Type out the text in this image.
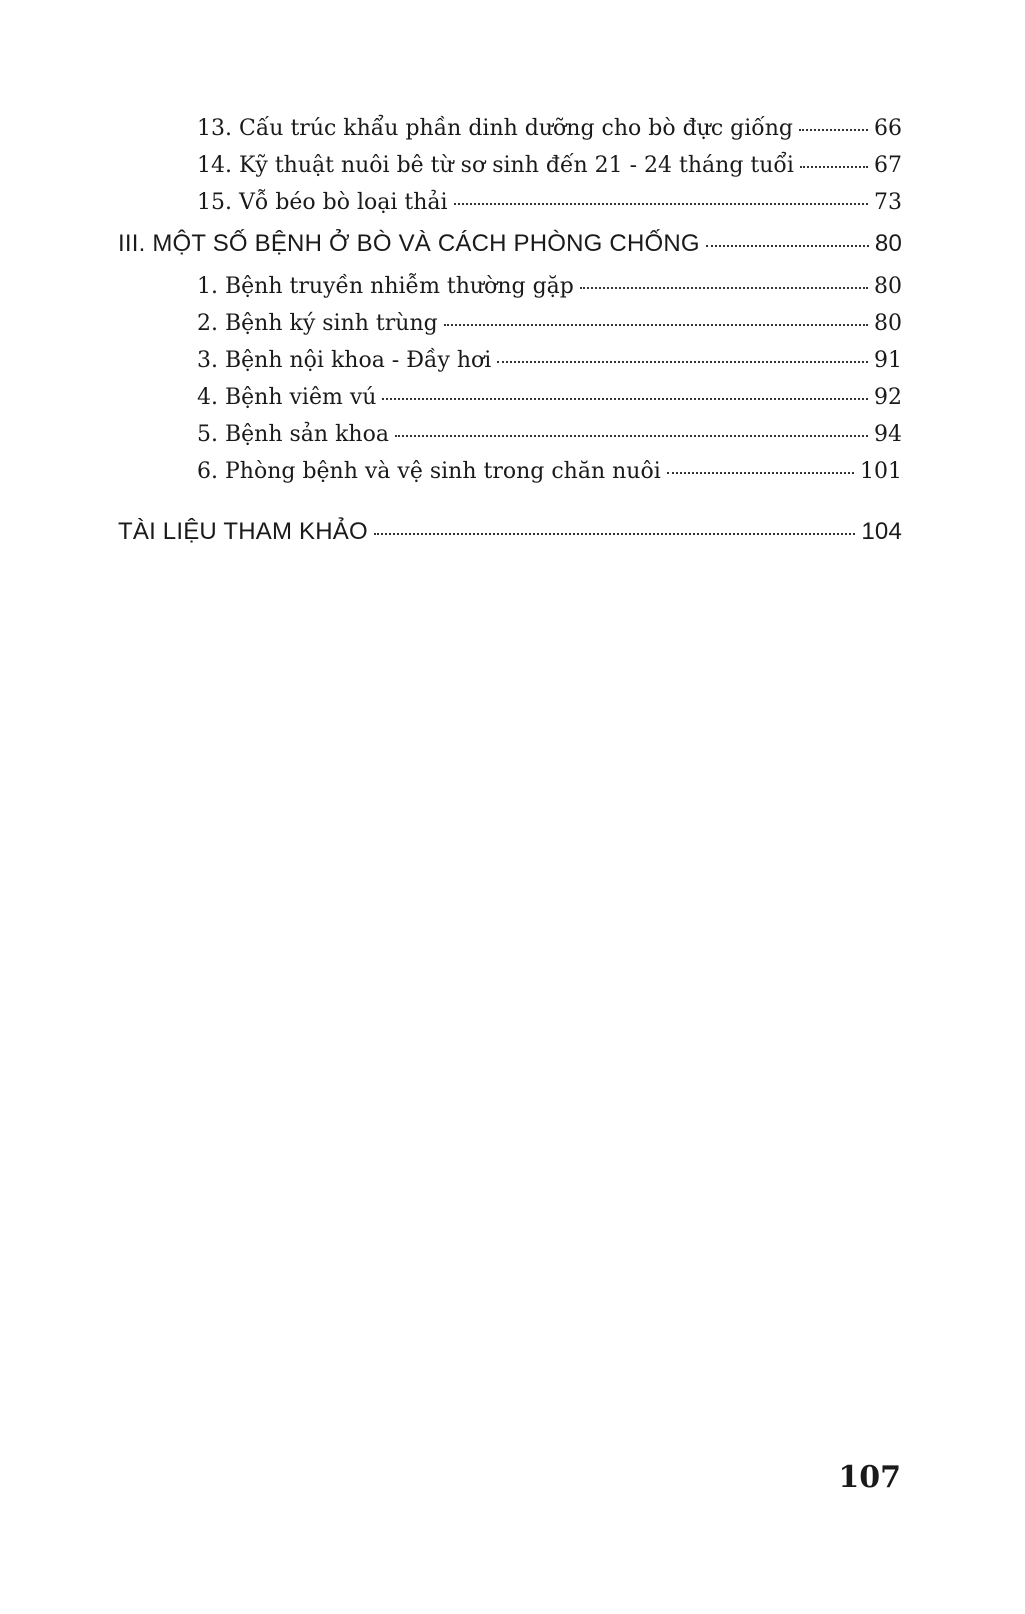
13. Cấu trúc khẩu phần dinh dưỡng cho bò đực giống	66
14. Kỹ thuật nuôi bê từ sơ sinh đến 21 - 24 tháng tuổi	67
15. Vỗ béo bò loại thải	73
III. MỘT SỐ BỆNH Ở BÒ VÀ CÁCH PHÒNG CHỐNG	80
1. Bệnh truyền nhiễm thường gặp	80
2. Bệnh ký sinh trùng	80
3. Bệnh nội khoa - Đầy hơi	91
4. Bệnh viêm vú	92
5. Bệnh sản khoa	94
6. Phòng bệnh và vệ sinh trong chăn nuôi	101
TÀI LIỆU THAM KHẢO	104
107
